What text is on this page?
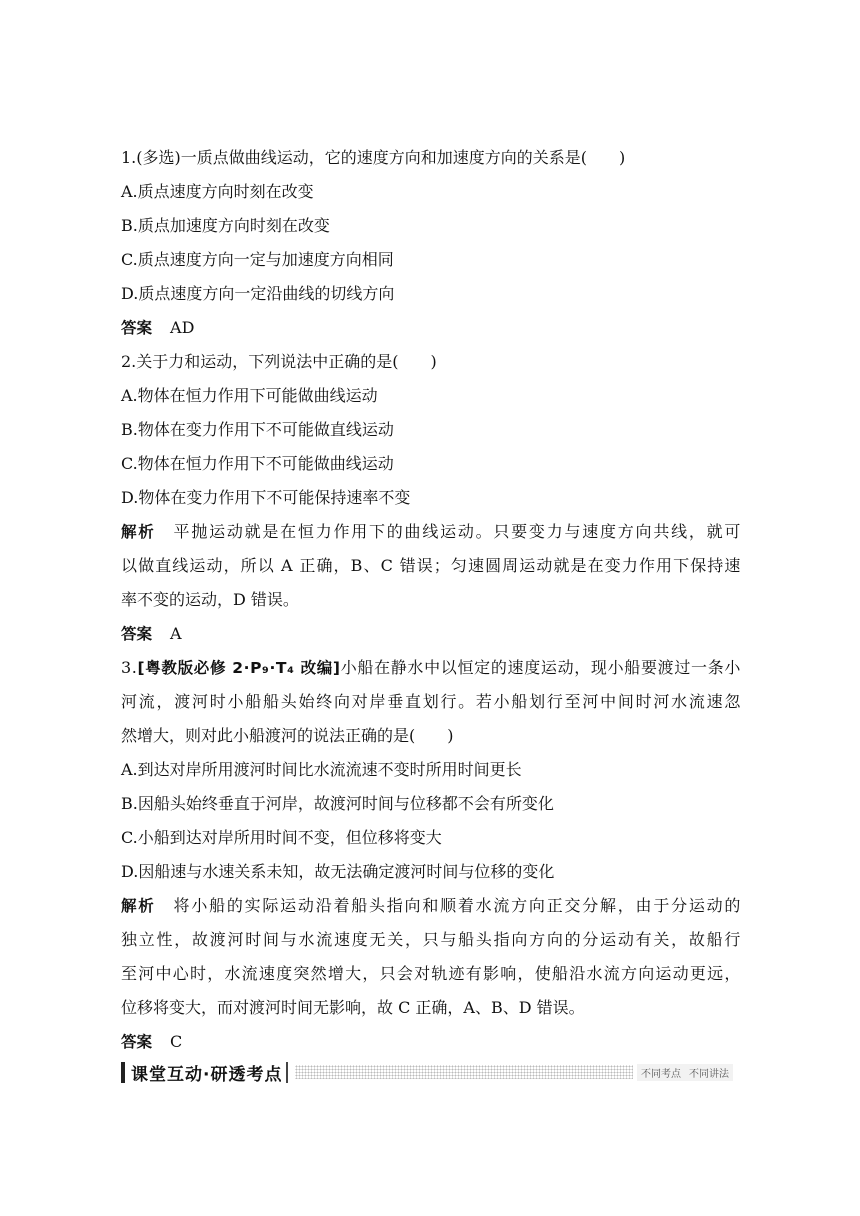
1.(多选)一质点做曲线运动，它的速度方向和加速度方向的关系是(　　)
A.质点速度方向时刻在改变
B.质点加速度方向时刻在改变
C.质点速度方向一定与加速度方向相同
D.质点速度方向一定沿曲线的切线方向
答案 AD
2.关于力和运动，下列说法中正确的是(　　)
A.物体在恒力作用下可能做曲线运动
B.物体在变力作用下不可能做直线运动
C.物体在恒力作用下不可能做曲线运动
D.物体在变力作用下不可能保持速率不变
解析 平抛运动就是在恒力作用下的曲线运动。只要变力与速度方向共线，就可
以做直线运动，所以 A 正确，B、C 错误；匀速圆周运动就是在变力作用下保持速
率不变的运动，D 错误。
答案 A
3.[粤教版必修 2·P₉·T₄ 改编]小船在静水中以恒定的速度运动，现小船要渡过一条小
河流，渡河时小船船头始终向对岸垂直划行。若小船划行至河中间时河水流速忽
然增大，则对此小船渡河的说法正确的是(　　)
A.到达对岸所用渡河时间比水流流速不变时所用时间更长
B.因船头始终垂直于河岸，故渡河时间与位移都不会有所变化
C.小船到达对岸所用时间不变，但位移将变大
D.因船速与水速关系未知，故无法确定渡河时间与位移的变化
解析 将小船的实际运动沿着船头指向和顺着水流方向正交分解，由于分运动的
独立性，故渡河时间与水流速度无关，只与船头指向方向的分运动有关，故船行
至河中心时，水流速度突然增大，只会对轨迹有影响，使船沿水流方向运动更远，
位移将变大，而对渡河时间无影响，故 C 正确，A、B、D 错误。
答案 C
课堂互动·研透考点	不同考点 不同讲法
